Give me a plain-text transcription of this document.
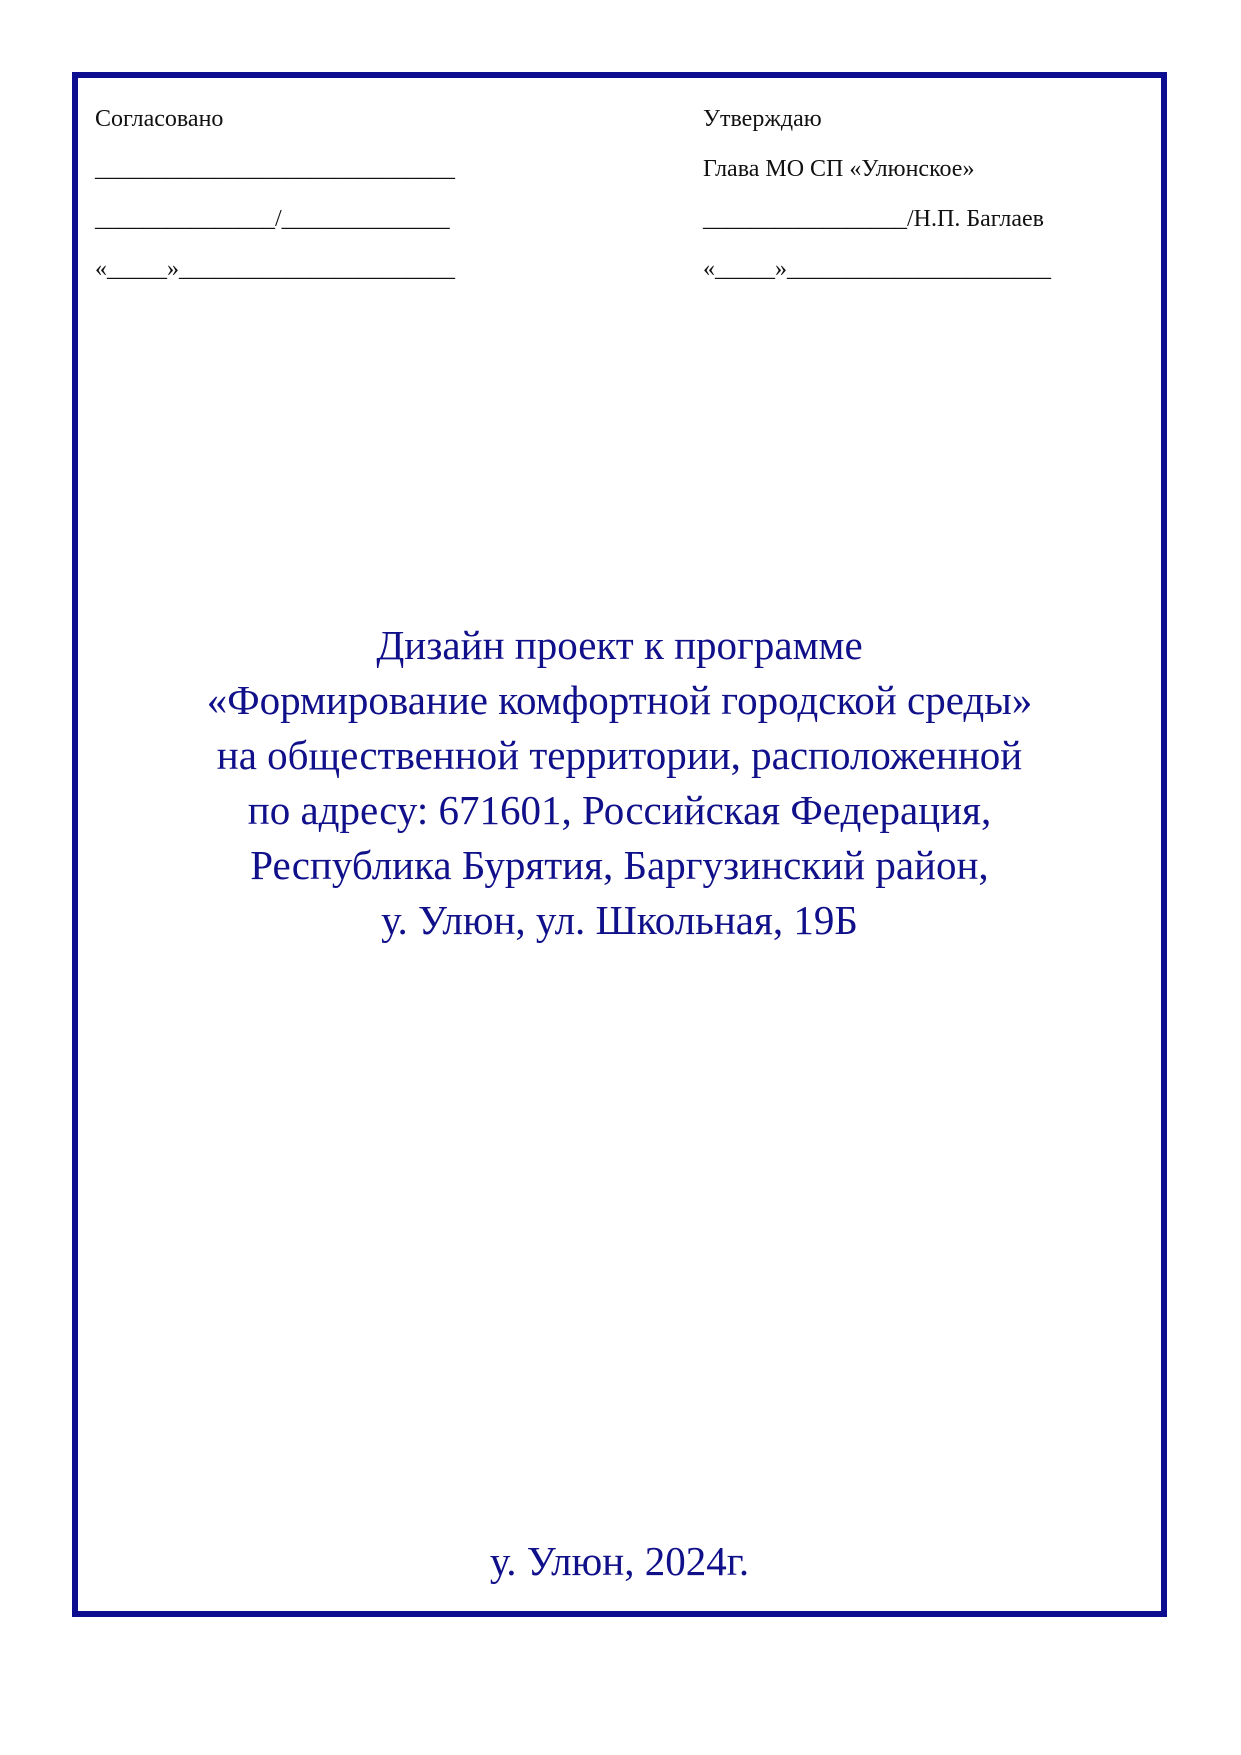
Согласовано
______________________________
_______________/______________
«_____»_______________________
Утверждаю
Глава МО СП «Улюнское»
_________________/Н.П. Баглаев
«_____»______________________
Дизайн проект к программе
«Формирование комфортной городской среды»
на общественной территории, расположенной
по адресу: 671601, Российская Федерация,
Республика Бурятия, Баргузинский район,
у. Улюн, ул. Школьная, 19Б
у. Улюн, 2024г.
